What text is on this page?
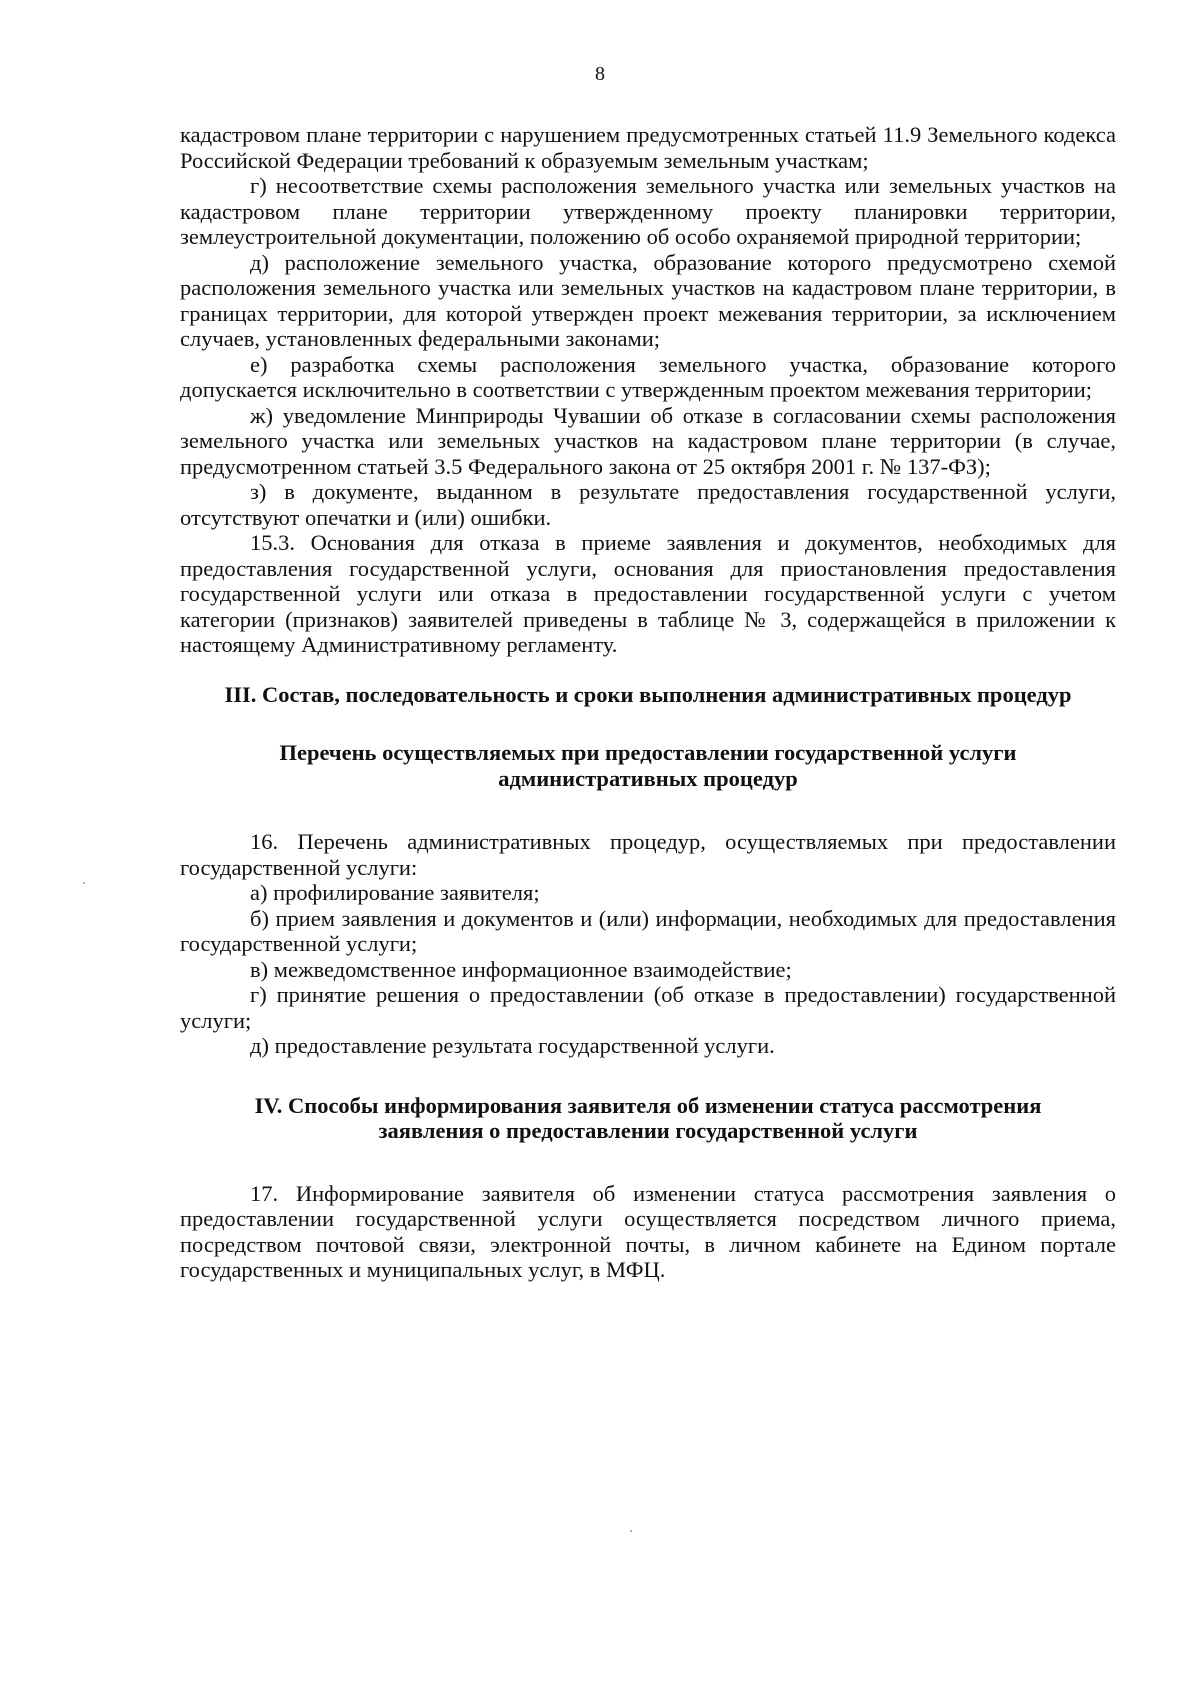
8

кадастровом плане территории с нарушением предусмотренных статьей 11.9 Земельного кодекса Российской Федерации требований к образуемым земельным участкам;

г) несоответствие схемы расположения земельного участка или земельных участков на кадастровом плане территории утвержденному проекту планировки территории, землеустроительной документации, положению об особо охраняемой природной территории;

д) расположение земельного участка, образование которого предусмотрено схемой расположения земельного участка или земельных участков на кадастровом плане территории, в границах территории, для которой утвержден проект межевания территории, за исключением случаев, установленных федеральными законами;

е) разработка схемы расположения земельного участка, образование которого допускается исключительно в соответствии с утвержденным проектом межевания территории;

ж) уведомление Минприроды Чувашии об отказе в согласовании схемы расположения земельного участка или земельных участков на кадастровом плане территории (в случае, предусмотренном статьей 3.5 Федерального закона от 25 октября 2001 г. № 137-ФЗ);

з) в документе, выданном в результате предоставления государственной услуги, отсутствуют опечатки и (или) ошибки.

15.3. Основания для отказа в приеме заявления и документов, необходимых для предоставления государственной услуги, основания для приостановления предоставления государственной услуги или отказа в предоставлении государственной услуги с учетом категории (признаков) заявителей приведены в таблице № 3, содержащейся в приложении к настоящему Административному регламенту.

III. Состав, последовательность и сроки выполнения административных процедур

Перечень осуществляемых при предоставлении государственной услуги

административных процедур

16. Перечень административных процедур, осуществляемых при предоставлении государственной услуги:

а) профилирование заявителя;

б) прием заявления и документов и (или) информации, необходимых для предоставления государственной услуги;

в) межведомственное информационное взаимодействие;

г) принятие решения о предоставлении (об отказе в предоставлении) государственной услуги;

д) предоставление результата государственной услуги.

IV. Способы информирования заявителя об изменении статуса рассмотрения

заявления о предоставлении государственной услуги

17. Информирование заявителя об изменении статуса рассмотрения заявления о предоставлении государственной услуги осуществляется посредством личного приема, посредством почтовой связи, электронной почты, в личном кабинете на Едином портале государственных и муниципальных услуг, в МФЦ.
